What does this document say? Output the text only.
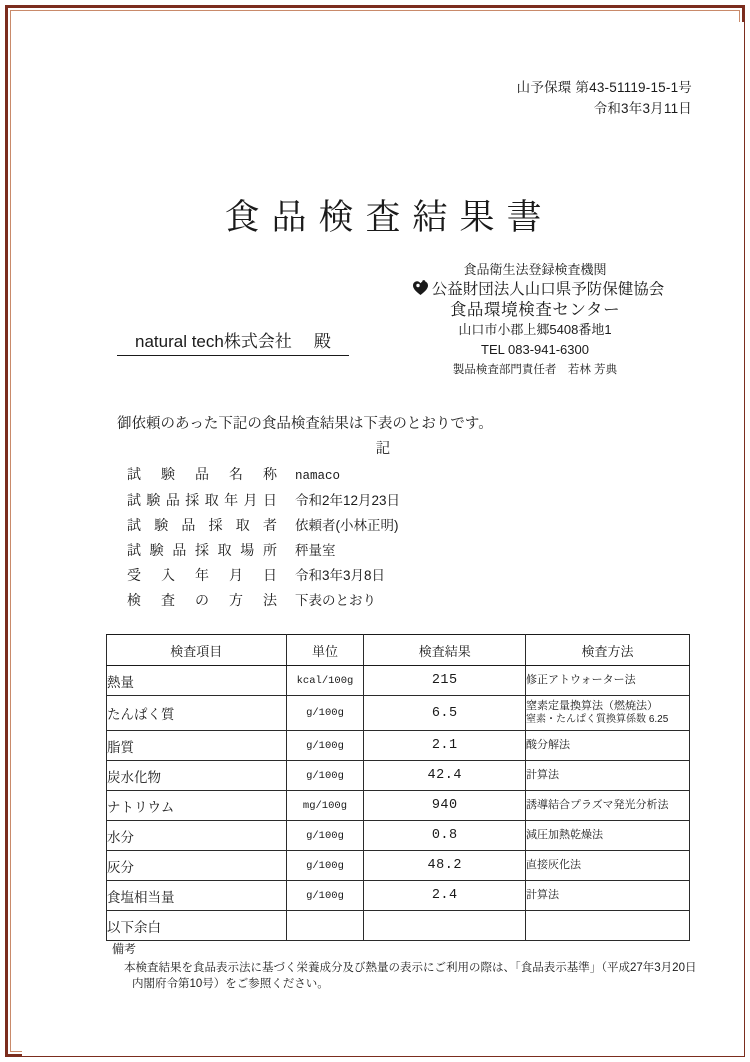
山予保環 第43-51119-15-1号
令和3年3月11日
食品検査結果書
食品衛生法登録検査機関
公益財団法人山口県予防保健協会
食品環境検査センター
山口市小郡上郷5408番地1
TEL 083-941-6300
製品検査部門責任者　若林 芳典
natural tech株式会社 殿
御依頼のあった下記の食品検査結果は下表のとおりです。
記
試 験 品 名 称 namaco
試 験 品 採 取 年 月 日 令和2年12月23日
試 験 品 採 取 者 依頼者(小林正明)
試 験 品 採 取 場 所 秤量室
受 入 年 月 日 令和3年3月8日
検 査 の 方 法 下表のとおり
検査項目	単位	検査結果	検査方法
熱量	kcal/100g	215	修正アトウォーター法
たんぱく質	g/100g	6.5	窒素定量換算法（燃焼法）
窒素・たんぱく質換算係数 6.25

脂質	g/100g	2.1	酸分解法
炭水化物	g/100g	42.4	計算法
ナトリウム	mg/100g	940	誘導結合プラズマ発光分析法
水分	g/100g	0.8	減圧加熱乾燥法
灰分	g/100g	48.2	直接灰化法
食塩相当量	g/100g	2.4	計算法
以下余白			
備考
本検査結果を食品表示法に基づく栄養成分及び熱量の表示にご利用の際は、「食品表示基準」（平成27年3月20日
内閣府令第10号）をご参照ください。
